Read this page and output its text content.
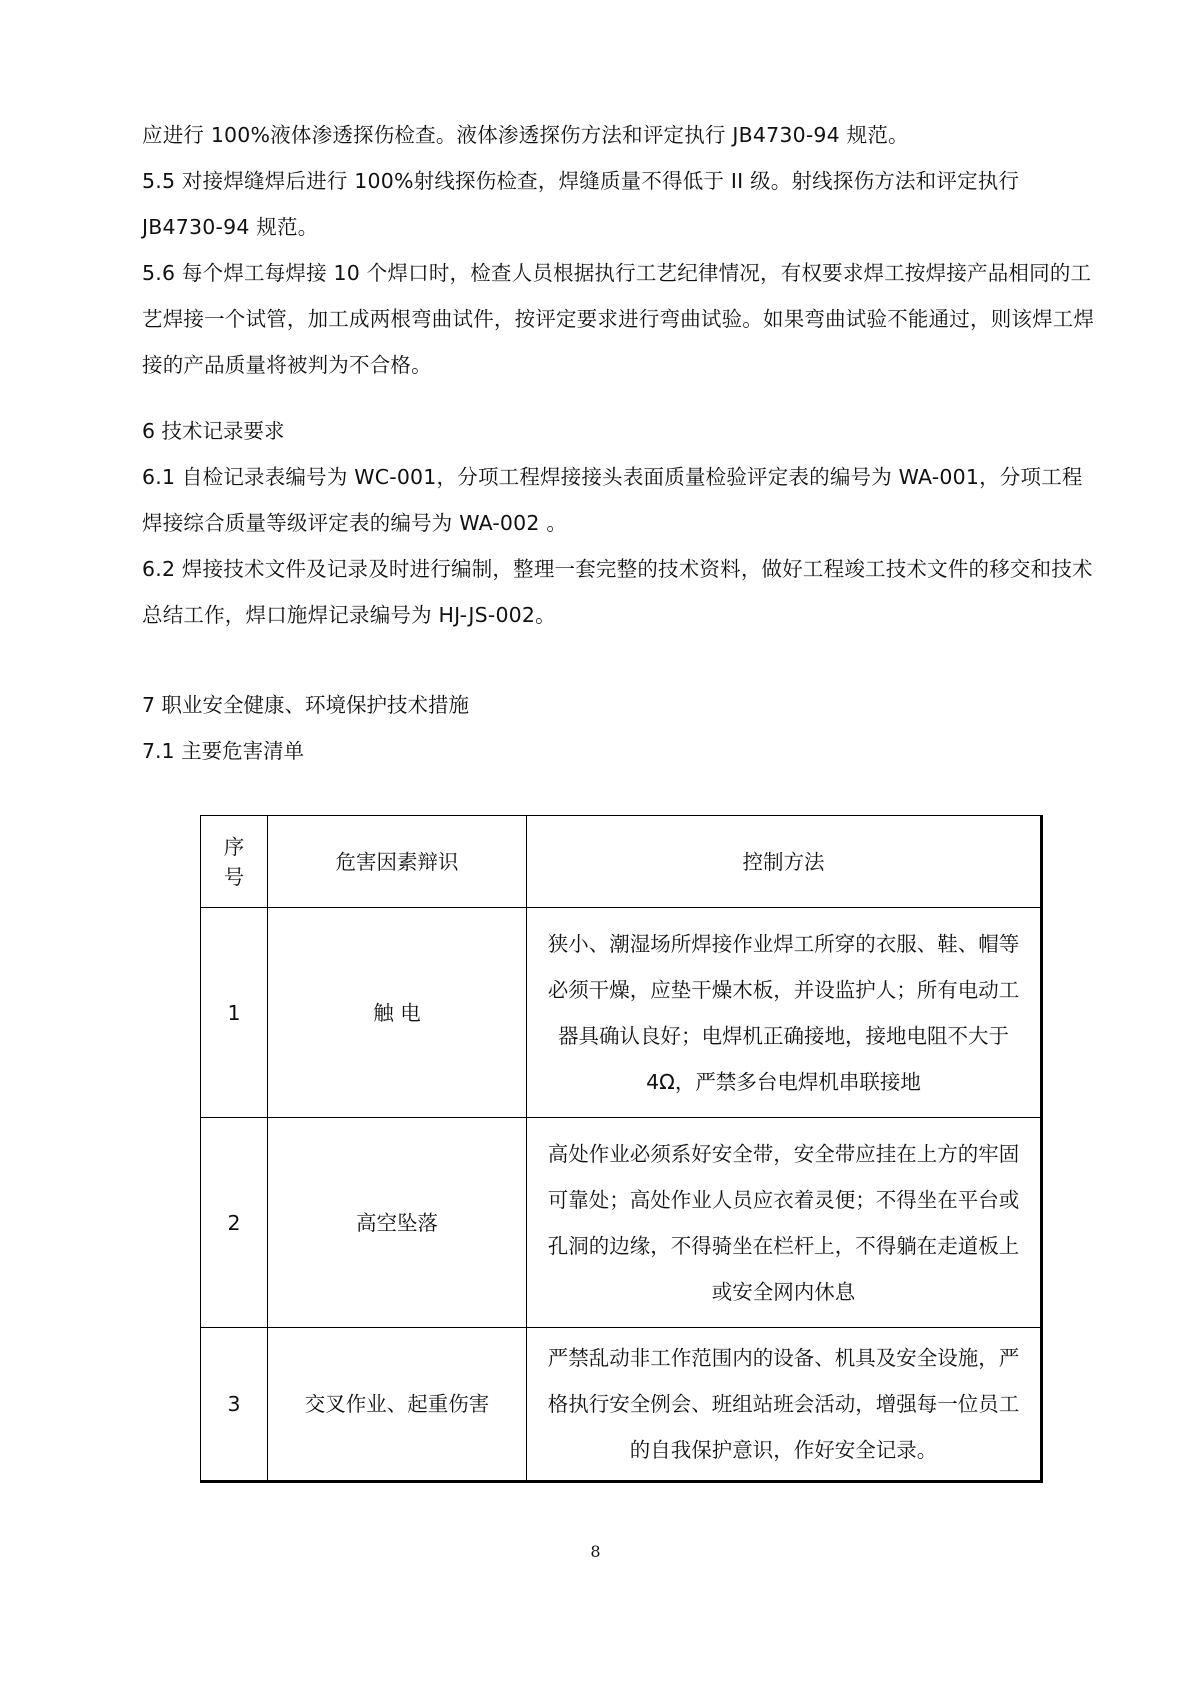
应进行 100%液体渗透探伤检查。液体渗透探伤方法和评定执行 JB4730-94 规范。

5.5 对接焊缝焊后进行 100%射线探伤检查，焊缝质量不得低于 II 级。射线探伤方法和评定执行 JB4730-94 规范。

5.6 每个焊工每焊接 10 个焊口时，检查人员根据执行工艺纪律情况，有权要求焊工按焊接产品相同的工艺焊接一个试管，加工成两根弯曲试件，按评定要求进行弯曲试验。如果弯曲试验不能通过，则该焊工焊接的产品质量将被判为不合格。

6 技术记录要求

6.1 自检记录表编号为 WC-001，分项工程焊接接头表面质量检验评定表的编号为 WA-001，分项工程焊接综合质量等级评定表的编号为 WA-002 。

6.2 焊接技术文件及记录及时进行编制，整理一套完整的技术资料，做好工程竣工技术文件的移交和技术总结工作，焊口施焊记录编号为 HJ-JS-002。

7 职业安全健康、环境保护技术措施

7.1 主要危害清单

序
号	危害因素辩识	控制方法
1	触 电	狭小、潮湿场所焊接作业焊工所穿的衣服、鞋、帽等必须干燥，应垫干燥木板，并设监护人；所有电动工器具确认良好；电焊机正确接地，接地电阻不大于 4Ω，严禁多台电焊机串联接地
2	高空坠落	高处作业必须系好安全带，安全带应挂在上方的牢固可靠处；高处作业人员应衣着灵便；不得坐在平台或孔洞的边缘，不得骑坐在栏杆上，不得躺在走道板上或安全网内休息
3	交叉作业、起重伤害	严禁乱动非工作范围内的设备、机具及安全设施，严格执行安全例会、班组站班会活动，增强每一位员工的自我保护意识，作好安全记录。
8
